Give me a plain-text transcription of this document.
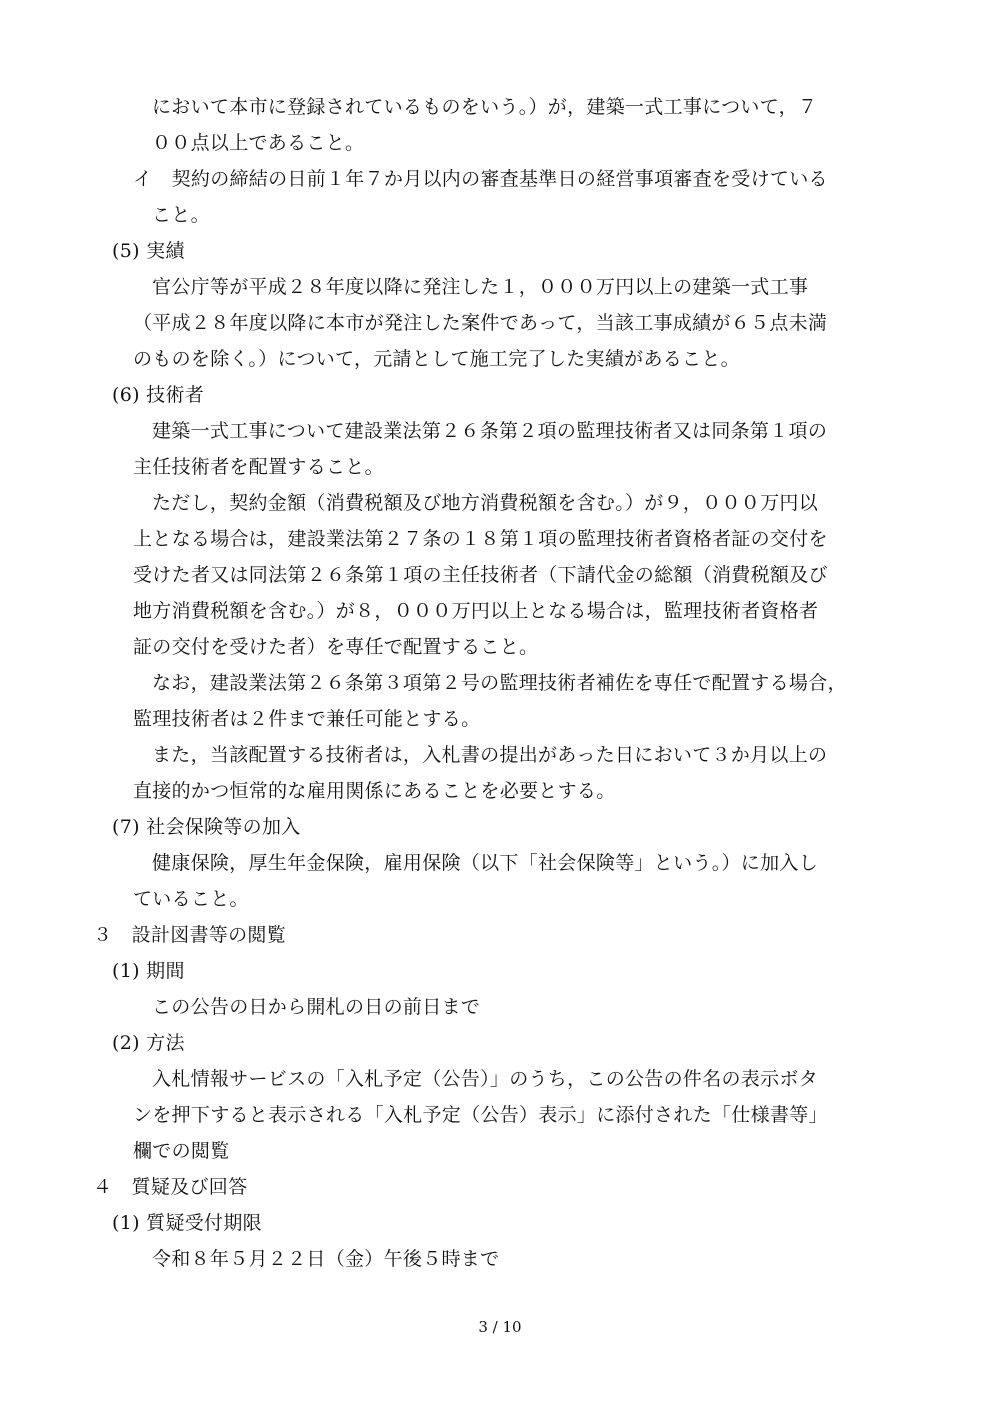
において本市に登録されているものをいう。）が，建築一式工事について，７
００点以上であること。
イ　契約の締結の日前１年７か月以内の審査基準日の経営事項審査を受けている
こと。
(5) 実績
官公庁等が平成２８年度以降に発注した１，０００万円以上の建築一式工事
（平成２８年度以降に本市が発注した案件であって，当該工事成績が６５点未満
のものを除く。）について，元請として施工完了した実績があること。
(6) 技術者
建築一式工事について建設業法第２６条第２項の監理技術者又は同条第１項の
主任技術者を配置すること。
ただし，契約金額（消費税額及び地方消費税額を含む。）が９，０００万円以
上となる場合は，建設業法第２７条の１８第１項の監理技術者資格者証の交付を
受けた者又は同法第２６条第１項の主任技術者（下請代金の総額（消費税額及び
地方消費税額を含む。）が８，０００万円以上となる場合は，監理技術者資格者
証の交付を受けた者）を専任で配置すること。
なお，建設業法第２６条第３項第２号の監理技術者補佐を専任で配置する場合，
監理技術者は２件まで兼任可能とする。
また，当該配置する技術者は，入札書の提出があった日において３か月以上の
直接的かつ恒常的な雇用関係にあることを必要とする。
(7) 社会保険等の加入
健康保険，厚生年金保険，雇用保険（以下「社会保険等」という。）に加入し
ていること。
３　設計図書等の閲覧
(1) 期間
この公告の日から開札の日の前日まで
(2) 方法
入札情報サービスの「入札予定（公告）」のうち，この公告の件名の表示ボタ
ンを押下すると表示される「入札予定（公告）表示」に添付された「仕様書等」
欄での閲覧
４　質疑及び回答
(1) 質疑受付期限
令和８年５月２２日（金）午後５時まで
3 / 10
